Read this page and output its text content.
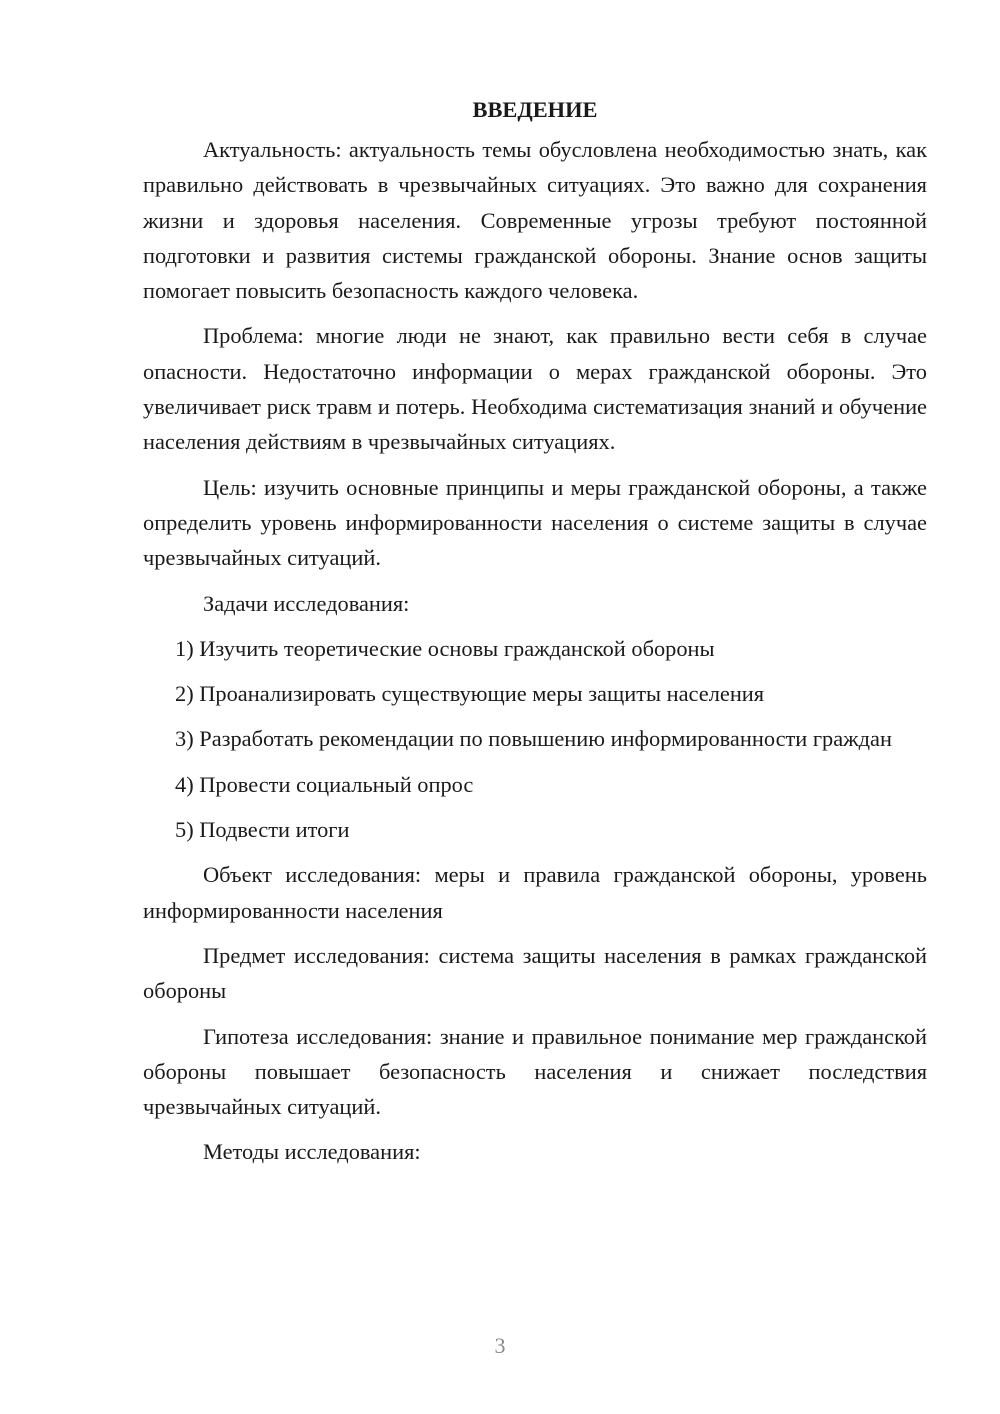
ВВЕДЕНИЕ

Актуальность: актуальность темы обусловлена необходимостью знать, как правильно действовать в чрезвычайных ситуациях. Это важно для сохранения жизни и здоровья населения. Современные угрозы требуют постоянной подготовки и развития системы гражданской обороны. Знание основ защиты помогает повысить безопасность каждого человека.

Проблема: многие люди не знают, как правильно вести себя в случае опасности. Недостаточно информации о мерах гражданской обороны. Это увеличивает риск травм и потерь. Необходима систематизация знаний и обучение населения действиям в чрезвычайных ситуациях.

Цель: изучить основные принципы и меры гражданской обороны, а также определить уровень информированности населения о системе защиты в случае чрезвычайных ситуаций.

Задачи исследования:

1) Изучить теоретические основы гражданской обороны

2) Проанализировать существующие меры защиты населения

3) Разработать рекомендации по повышению информированности граждан

4) Провести социальный опрос

5) Подвести итоги

Объект исследования: меры и правила гражданской обороны, уровень информированности населения

Предмет исследования: система защиты населения в рамках гражданской обороны

Гипотеза исследования: знание и правильное понимание мер гражданской обороны повышает безопасность населения и снижает последствия чрезвычайных ситуаций.

Методы исследования:

3
